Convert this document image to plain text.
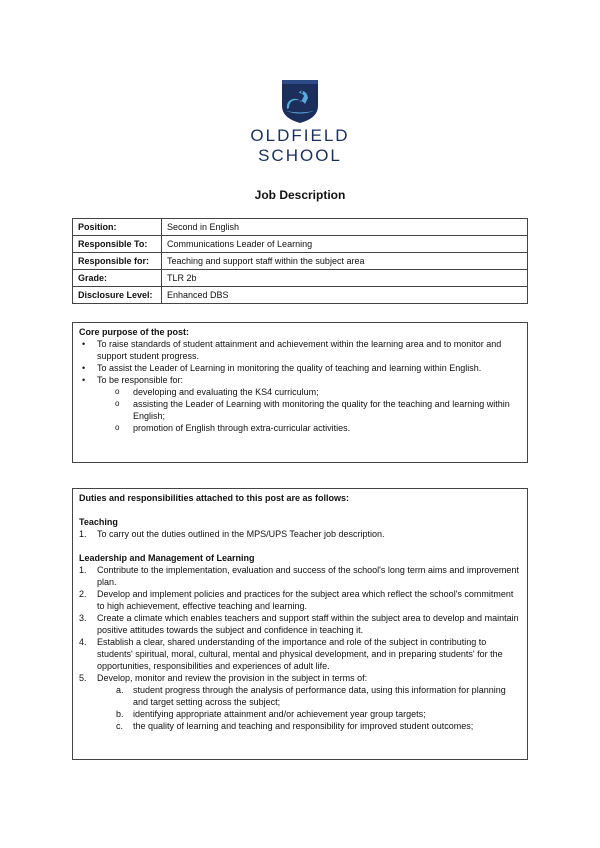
OLDFIELD
SCHOOL
Job Description
Position:	Second in English
Responsible To:	Communications Leader of Learning
Responsible for:	Teaching and support staff within the subject area
Grade:	TLR 2b
Disclosure Level:	Enhanced DBS
Core purpose of the post:
• To raise standards of student attainment and achievement within the learning area and to monitor and support student progress.
• To assist the Leader of Learning in monitoring the quality of teaching and learning within English.
• To be responsible for:
o developing and evaluating the KS4 curriculum;
o assisting the Leader of Learning with monitoring the quality for the teaching and learning within English;
o promotion of English through extra-curricular activities.
Duties and responsibilities attached to this post are as follows:
Teaching
1. To carry out the duties outlined in the MPS/UPS Teacher job description.
Leadership and Management of Learning
1. Contribute to the implementation, evaluation and success of the school's long term aims and improvement plan.
2. Develop and implement policies and practices for the subject area which reflect the school's commitment to high achievement, effective teaching and learning.
3. Create a climate which enables teachers and support staff within the subject area to develop and maintain positive attitudes towards the subject and confidence in teaching it.
4. Establish a clear, shared understanding of the importance and role of the subject in contributing to students' spiritual, moral, cultural, mental and physical development, and in preparing students' for the opportunities, responsibilities and experiences of adult life.
5. Develop, monitor and review the provision in the subject in terms of:
a. student progress through the analysis of performance data, using this information for planning and target setting across the subject;
b. identifying appropriate attainment and/or achievement year group targets;
c. the quality of learning and teaching and responsibility for improved student outcomes;
